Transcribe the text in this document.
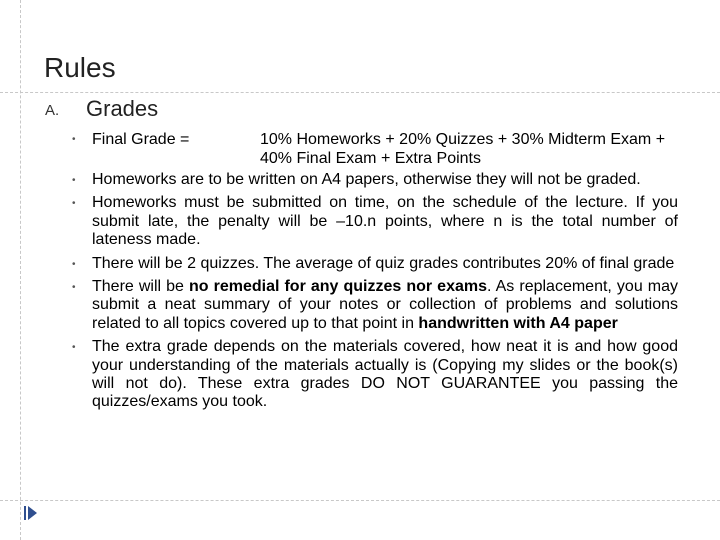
Rules
A. Grades
• Final Grade =	10% Homeworks + 20% Quizzes + 30% Midterm Exam + 40% Final Exam + Extra Points
• Homeworks are to be written on A4 papers, otherwise they will not be graded.
• Homeworks must be submitted on time, on the schedule of the lecture. If you submit late, the penalty will be –10.n points, where n is the total number of lateness made.
• There will be 2 quizzes. The average of quiz grades contributes 20% of final grade
• There will be no remedial for any quizzes nor exams. As replacement, you may submit a neat summary of your notes or collection of problems and solutions related to all topics covered up to that point in handwritten with A4 paper
• The extra grade depends on the materials covered, how neat it is and how good your understanding of the materials actually is (Copying my slides or the book(s) will not do). These extra grades DO NOT GUARANTEE you passing the quizzes/exams you took.
